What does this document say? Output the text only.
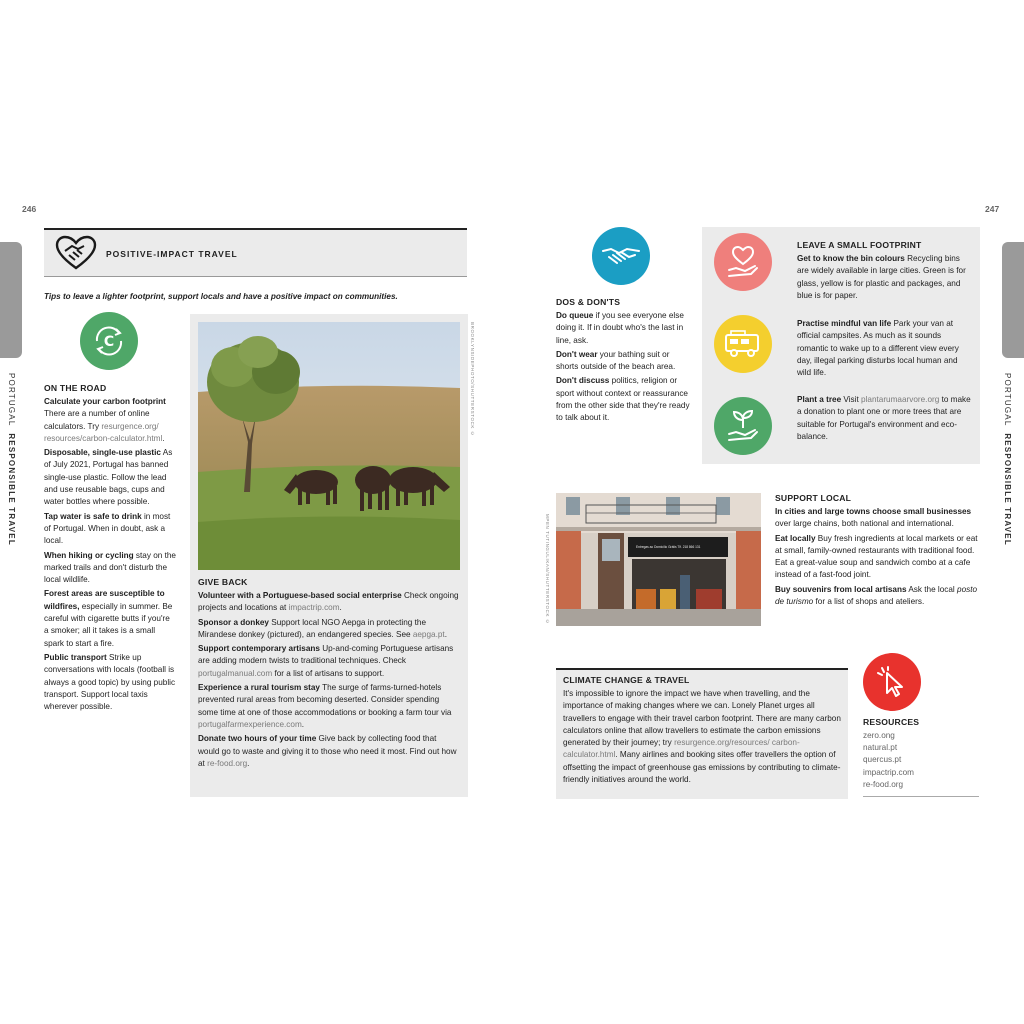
246	247
PORTUGAL  RESPONSIBLE TRAVEL
PORTUGAL  RESPONSIBLE TRAVEL
POSITIVE-IMPACT TRAVEL
Tips to leave a lighter footprint, support locals and have a positive impact on communities.
C
ON THE ROAD

Calculate your carbon footprint There are a number of online calculators. Try resurgence.org/ resources/carbon-calculator.html.

Disposable, single-use plastic As of July 2021, Portugal has banned single-use plastic. Follow the lead and use reusable bags, cups and water bottles where possible.

Tap water is safe to drink in most of Portugal. When in doubt, ask a local.

When hiking or cycling stay on the marked trails and don't disturb the local wildlife.

Forest areas are susceptible to wildfires, especially in summer. Be careful with cigarette butts if you're a smoker; all it takes is a small spark to start a fire.

Public transport Strike up conversations with locals (football is always a good topic) by using public transport. Support local taxis wherever possible.

BROOKLYNSIDEPHOTO/SHUTTERSTOCK ©
GIVE BACK

Volunteer with a Portuguese-based social enterprise Check ongoing projects and locations at impactrip.com.

Sponsor a donkey Support local NGO Aepga in protecting the Mirandese donkey (pictured), an endangered species. See aepga.pt.

Support contemporary artisans Up-and-coming Portuguese artisans are adding modern twists to traditional techniques. Check portugalmanual.com for a list of artisans to support.

Experience a rural tourism stay The surge of farms-turned-hotels prevented rural areas from becoming deserted. Consider spending some time at one of those accommodations or booking a farm tour via portugalfarmexperience.com.

Donate two hours of your time Give back by collecting food that would go to waste and giving it to those who need it most. Find out how at re-food.org.

DOS & DON'TS

Do queue if you see everyone else doing it. If in doubt who's the last in line, ask.

Don't wear your bathing suit or shorts outside of the beach area.

Don't discuss politics, religion or sport without context or reassurance from the other side that they're ready to talk about it.

LEAVE A SMALL FOOTPRINT
Get to know the bin colours Recycling bins are widely available in large cities. Green is for glass, yellow is for plastic and packages, and blue is for paper.
Practise mindful van life Park your van at official campsites. As much as it sounds romantic to wake up to a different view every day, illegal parking disturbs local human and wild life.
Plant a tree Visit plantarumaarvore.org to make a donation to plant one or more trees that are suitable for Portugal's environment and eco-balance.
Entregas ao Domicílio Grátis Tlf. 218 866 131
MPEN TUTINGULIKAN/SHUTTERSTOCK ©
SUPPORT LOCAL

In cities and large towns choose small businesses over large chains, both national and international.

Eat locally Buy fresh ingredients at local markets or eat at small, family-owned restaurants with traditional food. Eat a great-value soup and sandwich combo at a cafe instead of a fast-food joint.

Buy souvenirs from local artisans Ask the local posto de turismo for a list of shops and ateliers.

CLIMATE CHANGE & TRAVEL
It's impossible to ignore the impact we have when travelling, and the importance of making changes where we can. Lonely Planet urges all travellers to engage with their travel carbon footprint. There are many carbon calculators online that allow travellers to estimate the carbon emissions generated by their journey; try resurgence.org/resources/ carbon-calculator.html. Many airlines and booking sites offer travellers the option of offsetting the impact of greenhouse gas emissions by contributing to climate-friendly initiatives around the world.
RESOURCES
zero.ong
natural.pt
quercus.pt
impactrip.com
re-food.org
